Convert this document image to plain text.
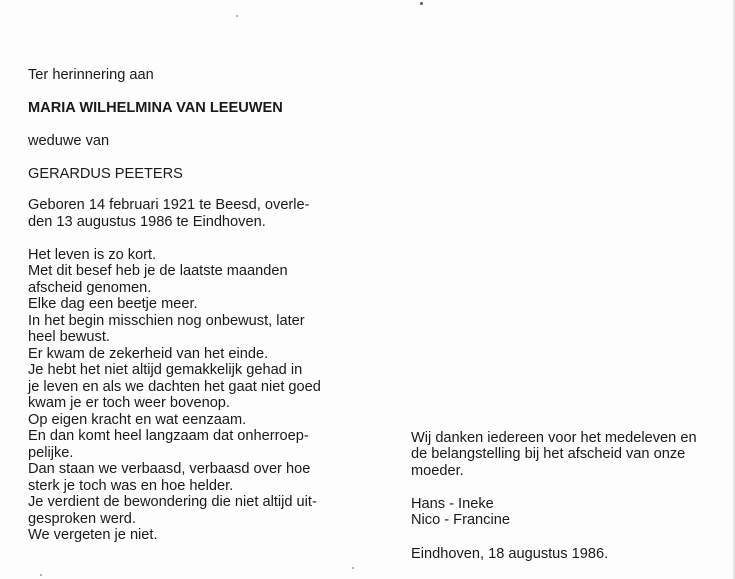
Ter herinnering aan
MARIA WILHELMINA VAN LEEUWEN
weduwe van
GERARDUS PEETERS
Geboren 14 februari 1921 te Beesd, overle-
den 13 augustus 1986 te Eindhoven.
Het leven is zo kort.
Met dit besef heb je de laatste maanden
afscheid genomen.
Elke dag een beetje meer.
In het begin misschien nog onbewust, later
heel bewust.
Er kwam de zekerheid van het einde.
Je hebt het niet altijd gemakkelijk gehad in
je leven en als we dachten het gaat niet goed
kwam je er toch weer bovenop.
Op eigen kracht en wat eenzaam.
En dan komt heel langzaam dat onherroep-
pelijke.
Dan staan we verbaasd, verbaasd over hoe
sterk je toch was en hoe helder.
Je verdient de bewondering die niet altijd uit-
gesproken werd.
We vergeten je niet.
Wij danken iedereen voor het medeleven en
de belangstelling bij het afscheid van onze
moeder.
Hans - Ineke
Nico - Francine
Eindhoven, 18 augustus 1986.
